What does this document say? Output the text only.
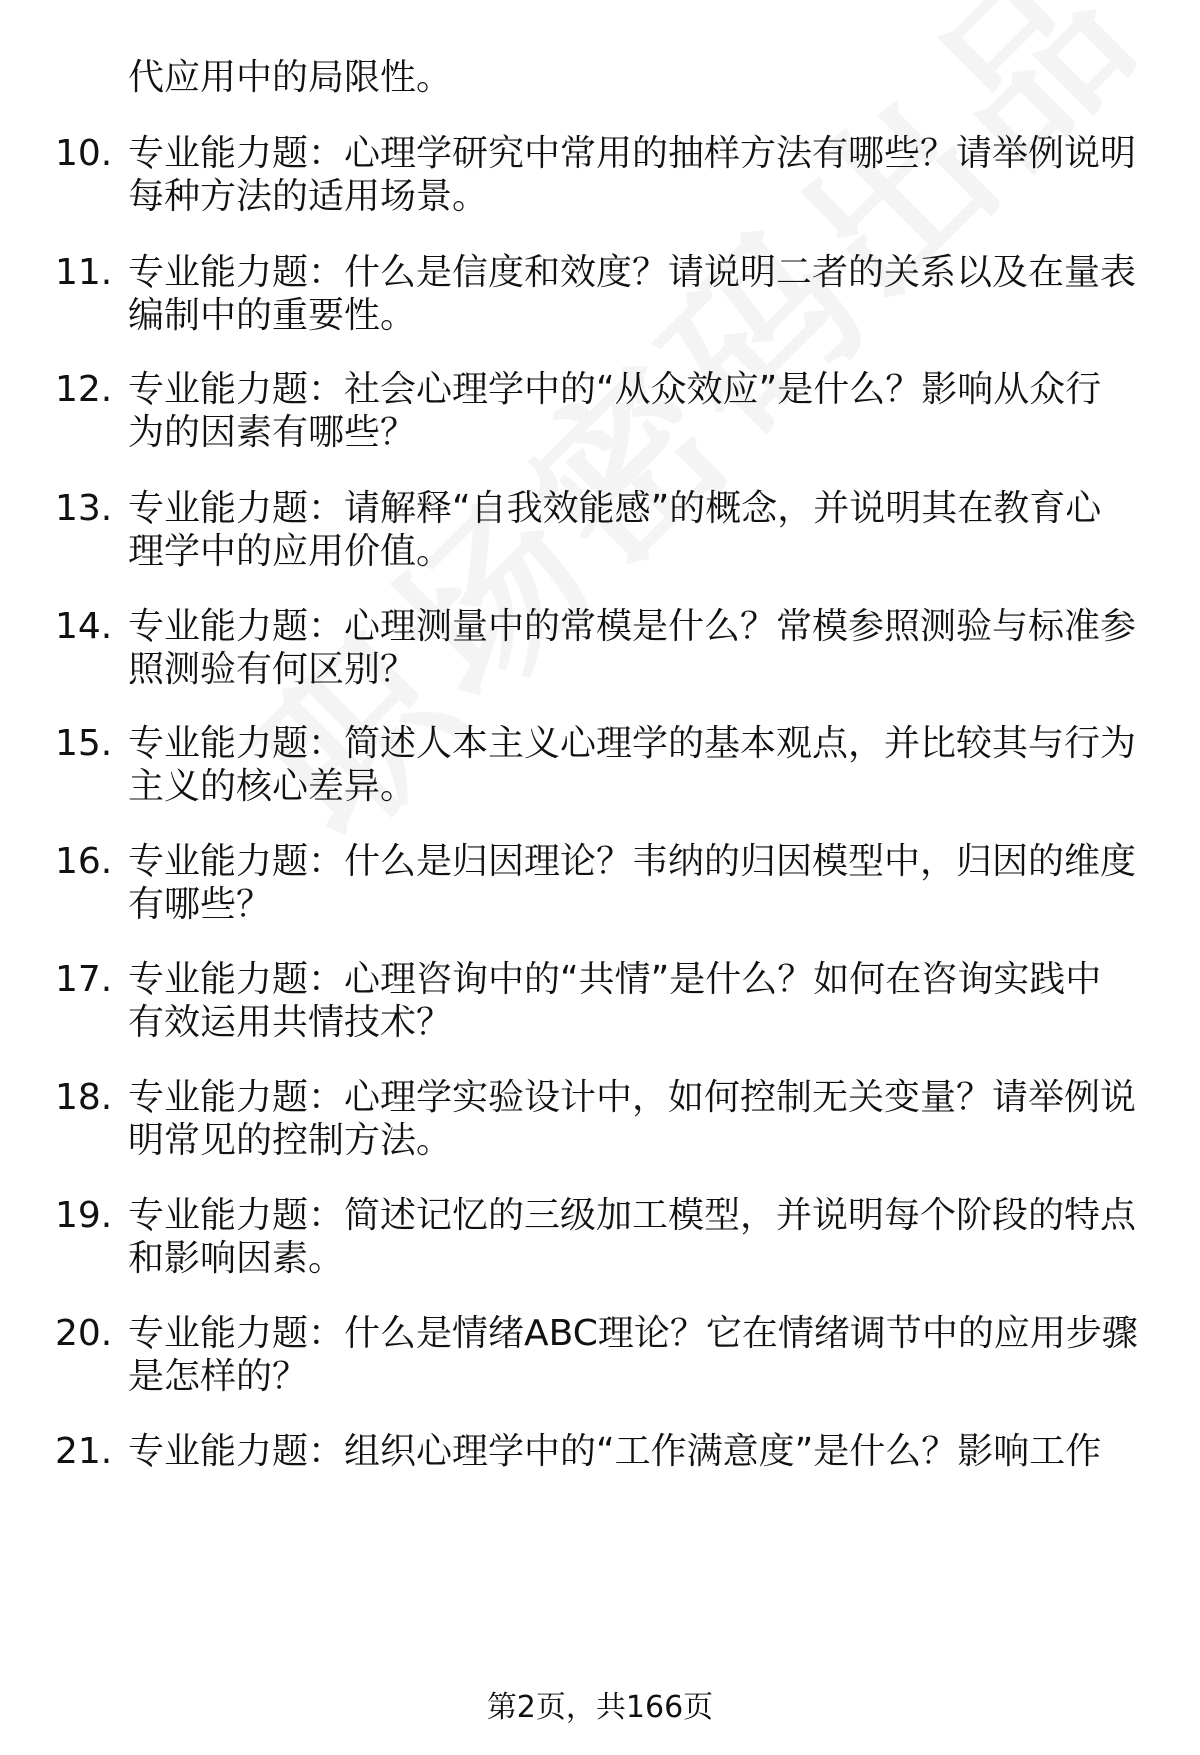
代应用中的局限性。
10. 专业能力题：心理学研究中常用的抽样方法有哪些？请举例说明
每种方法的适用场景。
11. 专业能力题：什么是信度和效度？请说明二者的关系以及在量表
编制中的重要性。
12. 专业能力题：社会心理学中的“从众效应”是什么？影响从众行
为的因素有哪些？
13. 专业能力题：请解释“自我效能感”的概念，并说明其在教育心
理学中的应用价值。
14. 专业能力题：心理测量中的常模是什么？常模参照测验与标准参
照测验有何区别？
15. 专业能力题：简述人本主义心理学的基本观点，并比较其与行为
主义的核心差异。
16. 专业能力题：什么是归因理论？韦纳的归因模型中，归因的维度
有哪些？
17. 专业能力题：心理咨询中的“共情”是什么？如何在咨询实践中
有效运用共情技术？
18. 专业能力题：心理学实验设计中，如何控制无关变量？请举例说
明常见的控制方法。
19. 专业能力题：简述记忆的三级加工模型，并说明每个阶段的特点
和影响因素。
20. 专业能力题：什么是情绪ABC理论？它在情绪调节中的应用步骤
是怎样的？
21. 专业能力题：组织心理学中的“工作满意度”是什么？影响工作
第2页，共166页
